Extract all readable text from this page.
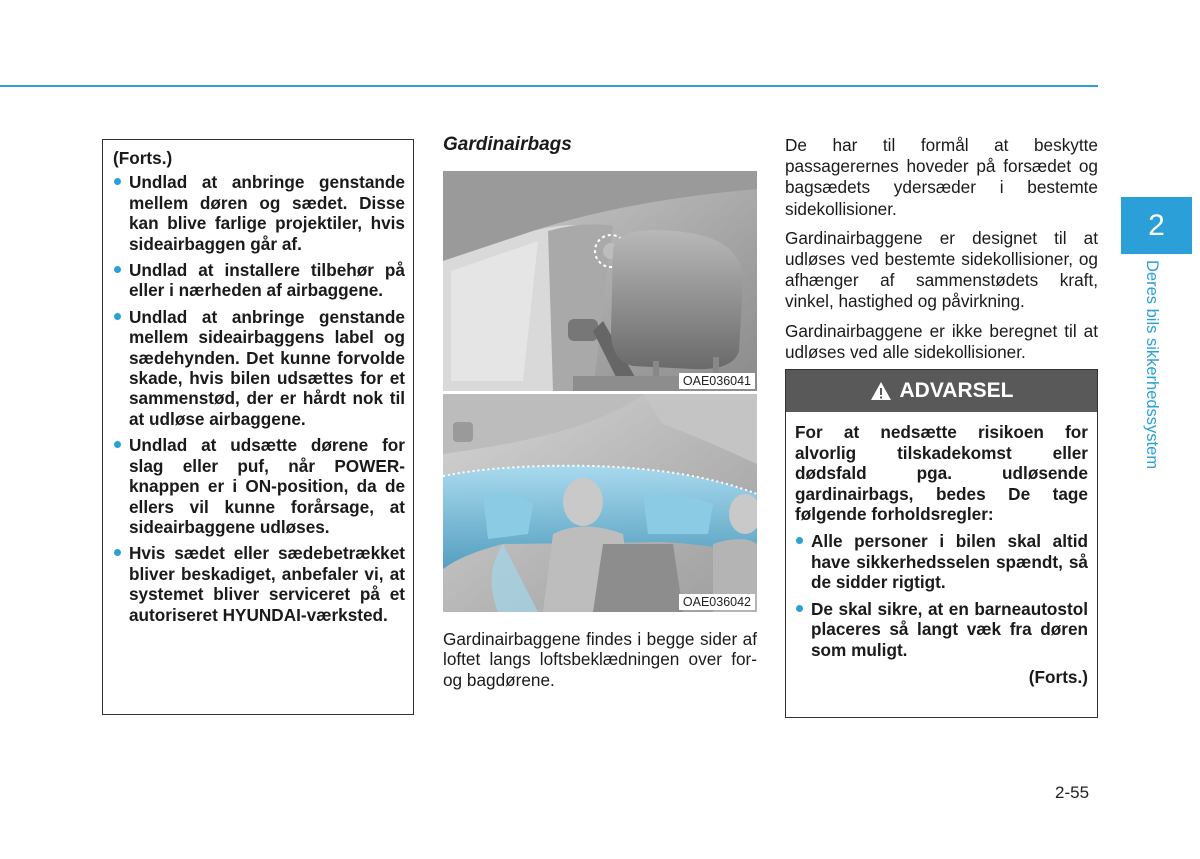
2
Deres bils sikkerhedssystem
(Forts.)
Undlad at anbringe genstande mellem døren og sædet. Disse kan blive farlige projektiler, hvis sideairbaggen går af.
Undlad at installere tilbehør på eller i nærheden af airbaggene.
Undlad at anbringe genstande mellem sideairbaggens label og sædehynden. Det kunne forvolde skade, hvis bilen udsættes for et sammenstød, der er hårdt nok til at udløse airbaggene.
Undlad at udsætte dørene for slag eller puf, når POWER-knappen er i ON-position, da de ellers vil kunne forårsage, at sideairbaggene udløses.
Hvis sædet eller sædebetrækket bliver beskadiget, anbefaler vi, at systemet bliver serviceret på et autoriseret HYUNDAI-værksted.
Gardinairbags
OAE036041
OAE036042
Gardinairbaggene findes i begge sider af loftet langs loftsbeklædningen over for- og bagdørene.

De har til formål at beskytte passagerernes hoveder på forsædet og bagsædets ydersæder i bestemte sidekollisioner.

Gardinairbaggene er designet til at udløses ved bestemte sidekollisioner, og afhænger af sammenstødets kraft, vinkel, hastighed og påvirkning.

Gardinairbaggene er ikke beregnet til at udløses ved alle sidekollisioner.

ADVARSEL

For at nedsætte risikoen for alvorlig tilskadekomst eller dødsfald pga. udløsende gardinairbags, bedes De tage følgende forholdsregler:

Alle personer i bilen skal altid have sikkerhedsselen spændt, så de sidder rigtigt.
De skal sikre, at en barneautostol placeres så langt væk fra døren som muligt.
(Forts.)
2-55
